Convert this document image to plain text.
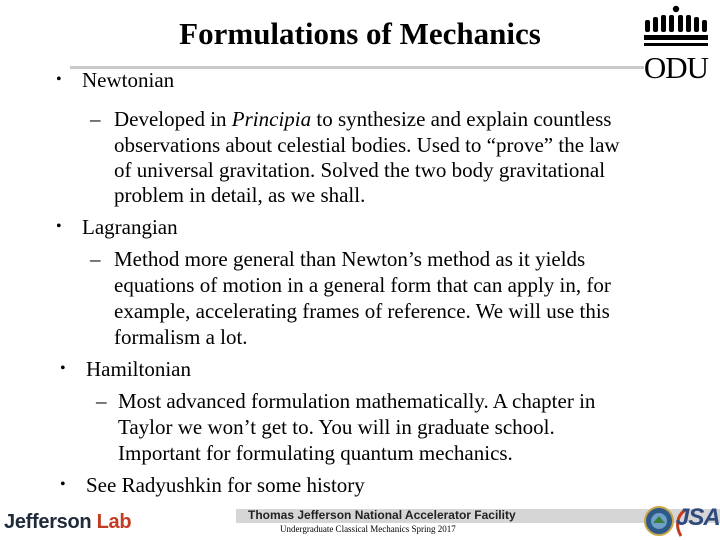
Formulations of Mechanics
ODU
• Newtonian
– Developed in Principia to synthesize and explain countless
observations about celestial bodies. Used to “prove” the law
of universal gravitation. Solved the two body gravitational
problem in detail, as we shall.
• Lagrangian
– Method more general than Newton’s method as it yields
equations of motion in a general form that can apply in, for
example, accelerating frames of reference. We will use this
formalism a lot.
• Hamiltonian
– Most advanced formulation mathematically. A chapter in
Taylor we won’t get to. You will in graduate school.
Important for formulating quantum mechanics.
• See Radyushkin for some history
Jefferson Lab	Thomas Jefferson National Accelerator Facility
Undergraduate Classical Mechanics Spring 2017	JSA
